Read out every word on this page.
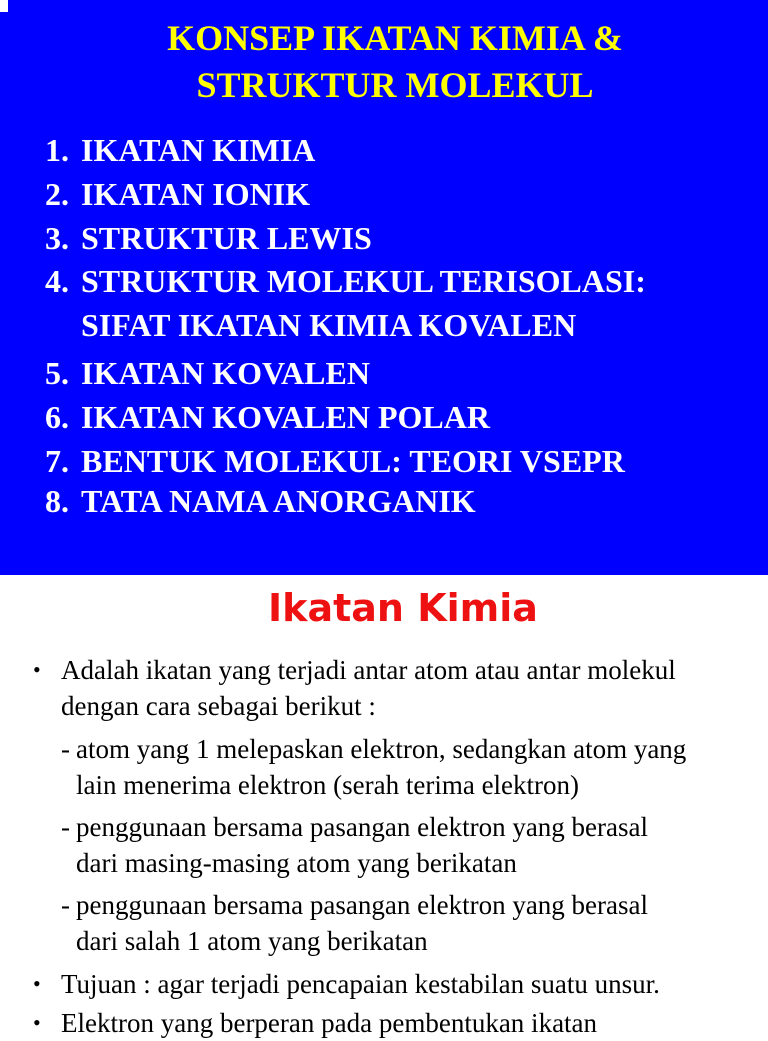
KONSEP IKATAN KIMIA &
STRUKTUR MOLEKUL
1. IKATAN KIMIA
2. IKATAN IONIK
3. STRUKTUR LEWIS
4. STRUKTUR MOLEKUL TERISOLASI:
SIFAT IKATAN KIMIA KOVALEN
5. IKATAN KOVALEN
6. IKATAN KOVALEN POLAR
7. BENTUK MOLEKUL: TEORI VSEPR
8. TATA NAMA ANORGANIK
Ikatan Kimia
• Adalah ikatan yang terjadi antar atom atau antar molekul
dengan cara sebagai berikut :
- atom yang 1 melepaskan elektron, sedangkan atom yang
lain menerima elektron (serah terima elektron)
- penggunaan bersama pasangan elektron yang berasal
dari masing-masing atom yang berikatan
- penggunaan bersama pasangan elektron yang berasal
dari salah 1 atom yang berikatan
• Tujuan : agar terjadi pencapaian kestabilan suatu unsur.
• Elektron yang berperan pada pembentukan ikatan
